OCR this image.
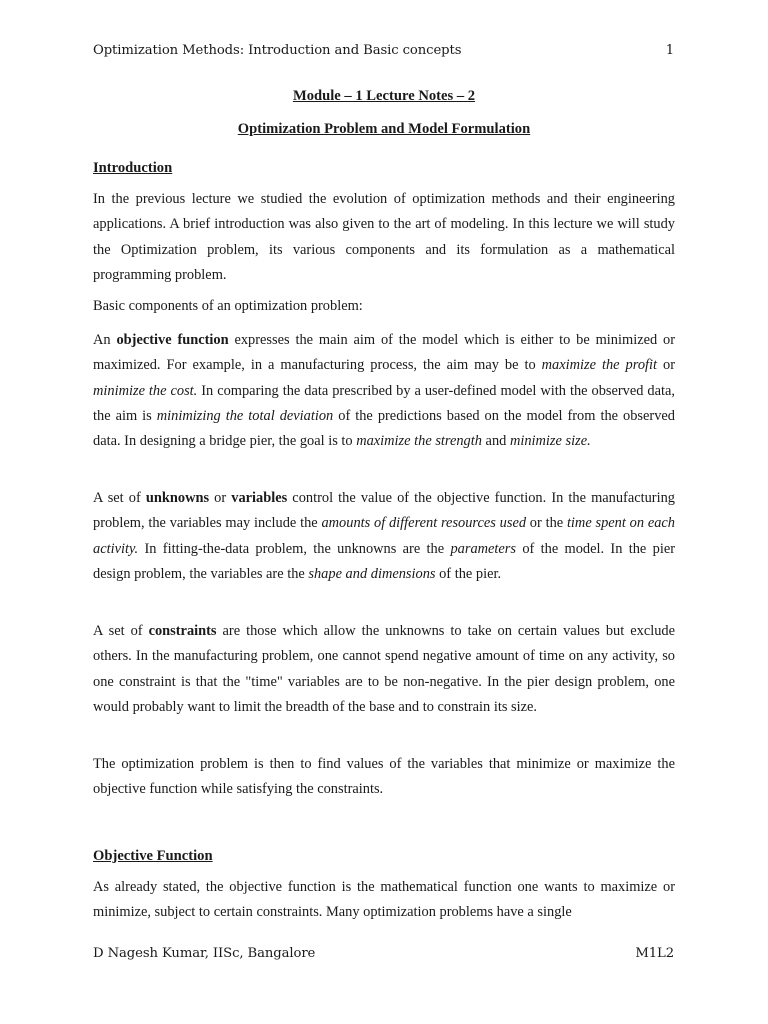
Optimization Methods: Introduction and Basic concepts	1
Module – 1 Lecture Notes – 2
Optimization Problem and Model Formulation
Introduction

In the previous lecture we studied the evolution of optimization methods and their engineering applications. A brief introduction was also given to the art of modeling. In this lecture we will study the Optimization problem, its various components and its formulation as a mathematical programming problem.

Basic components of an optimization problem:

An objective function expresses the main aim of the model which is either to be minimized or maximized. For example, in a manufacturing process, the aim may be to maximize the profit or minimize the cost. In comparing the data prescribed by a user-defined model with the observed data, the aim is minimizing the total deviation of the predictions based on the model from the observed data. In designing a bridge pier, the goal is to maximize the strength and minimize size.

A set of unknowns or variables control the value of the objective function. In the manufacturing problem, the variables may include the amounts of different resources used or the time spent on each activity. In fitting-the-data problem, the unknowns are the parameters of the model. In the pier design problem, the variables are the shape and dimensions of the pier.

A set of constraints are those which allow the unknowns to take on certain values but exclude others. In the manufacturing problem, one cannot spend negative amount of time on any activity, so one constraint is that the "time" variables are to be non-negative. In the pier design problem, one would probably want to limit the breadth of the base and to constrain its size.

The optimization problem is then to find values of the variables that minimize or maximize the objective function while satisfying the constraints.

Objective Function

As already stated, the objective function is the mathematical function one wants to maximize or minimize, subject to certain constraints. Many optimization problems have a single

D Nagesh Kumar, IISc, Bangalore	M1L2
